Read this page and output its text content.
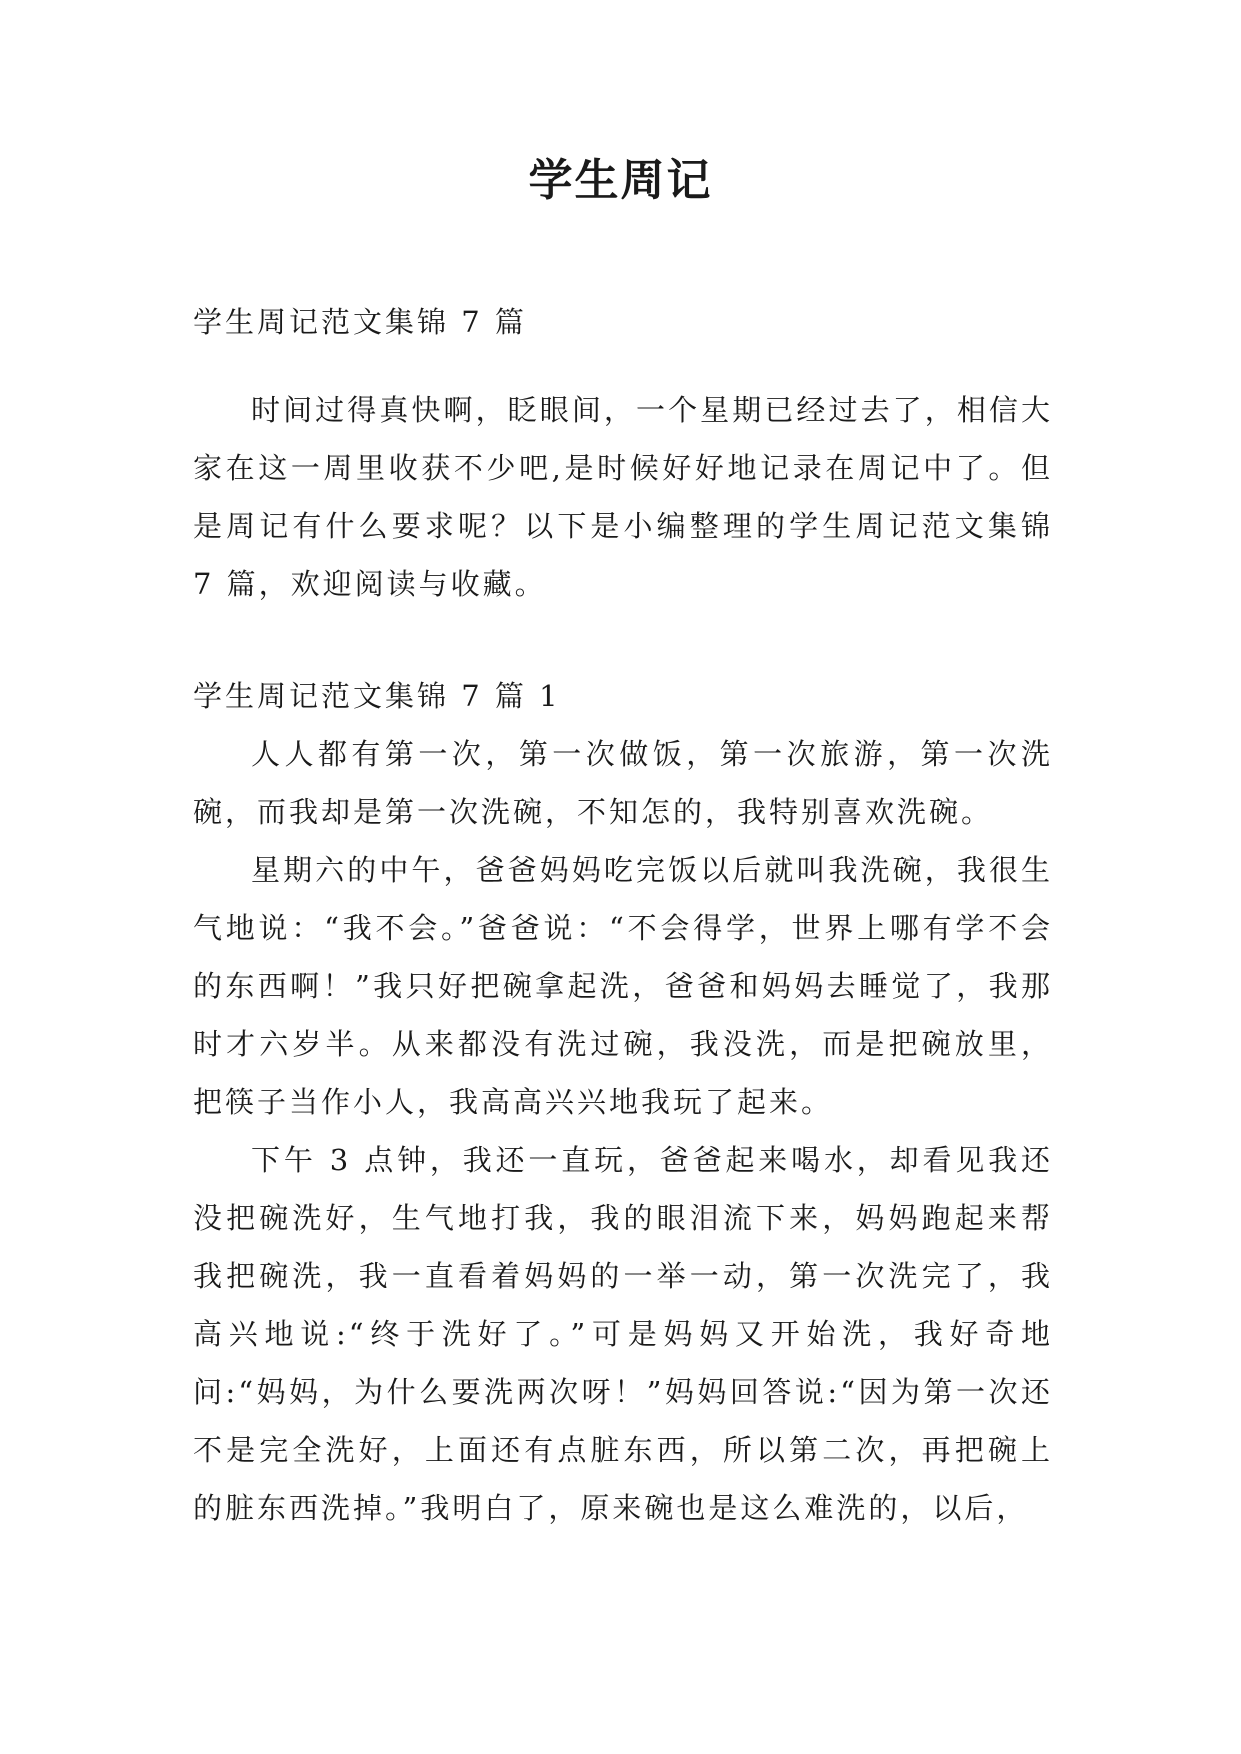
学生周记

学生周记范文集锦 7 篇

时间过得真快啊，眨眼间，一个星期已经过去了，相信大家在这一周里收获不少吧,是时候好好地记录在周记中了。但是周记有什么要求呢？以下是小编整理的学生周记范文集锦 7 篇，欢迎阅读与收藏。

学生周记范文集锦 7 篇 1

人人都有第一次，第一次做饭，第一次旅游，第一次洗碗，而我却是第一次洗碗，不知怎的，我特别喜欢洗碗。

星期六的中午，爸爸妈妈吃完饭以后就叫我洗碗，我很生气地说：“我不会。”爸爸说：“不会得学，世界上哪有学不会的东西啊！”我只好把碗拿起洗，爸爸和妈妈去睡觉了，我那时才六岁半。从来都没有洗过碗，我没洗，而是把碗放里，把筷子当作小人，我高高兴兴地我玩了起来。

下午 3 点钟，我还一直玩，爸爸起来喝水，却看见我还没把碗洗好，生气地打我，我的眼泪流下来，妈妈跑起来帮我把碗洗，我一直看着妈妈的一举一动，第一次洗完了，我高兴地说:“终于洗好了。”可是妈妈又开始洗，我好奇地问:“妈妈，为什么要洗两次呀！”妈妈回答说:“因为第一次还不是完全洗好，上面还有点脏东西，所以第二次，再把碗上的脏东西洗掉。”我明白了，原来碗也是这么难洗的，以后，
